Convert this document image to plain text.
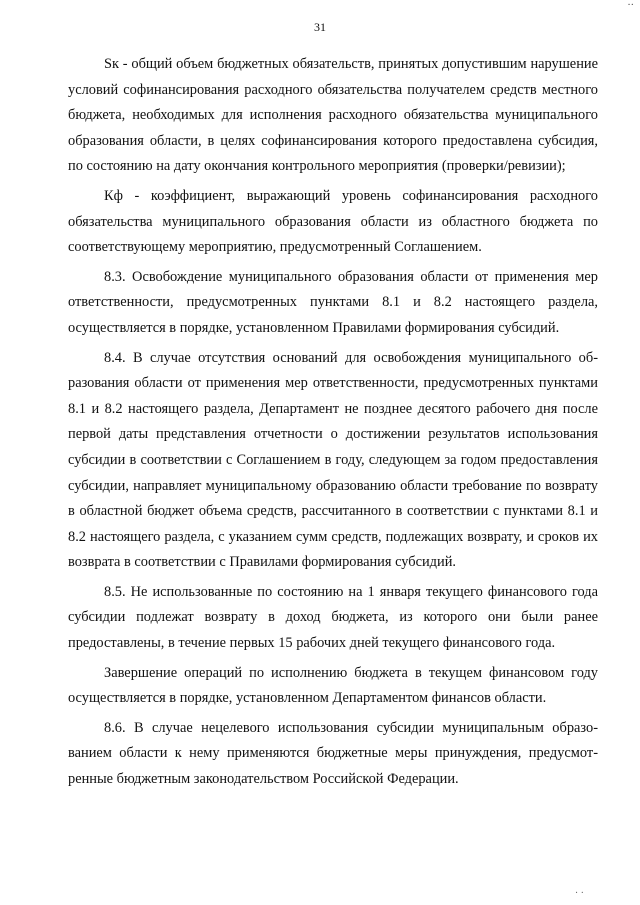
··
31

Sк - общий объем бюджетных обязательств, принятых допустившим нарушение условий софинансирования расходного обязательства получателем средств местного бюджета, необходимых для исполнения расходного обязательства муниципального образования области, в целях софинансирования которого предоставлена субсидия, по состоянию на дату окончания контрольного мероприятия (проверки/ревизии);

Кф - коэффициент, выражающий уровень софинансирования расходного обязательства муниципального образования области из областного бюджета по соответствующему мероприятию, предусмотренный Соглашением.

8.3. Освобождение муниципального образования области от применения мер ответственности, предусмотренных пунктами 8.1 и 8.2 настоящего раздела, осуществляется в порядке, установленном Правилами формирования субсидий.

8.4. В случае отсутствия оснований для освобождения муниципального образования области от применения мер ответственности, предусмотренных пунктами 8.1 и 8.2 настоящего раздела, Департамент не позднее десятого рабочего дня после первой даты представления отчетности о достижении результатов использования субсидии в соответствии с Соглашением в году, следующем за годом предоставления субсидии, направляет муниципальному образованию области требование по возврату в областной бюджет объема средств, рассчитанного в соответствии с пунктами 8.1 и 8.2 настоящего раздела, с указанием сумм средств, подлежащих возврату, и сроков их возврата в соответствии с Правилами формирования субсидий.

8.5. Не использованные по состоянию на 1 января текущего финансового года субсидии подлежат возврату в доход бюджета, из которого они были ранее предоставлены, в течение первых 15 рабочих дней текущего финансового года.

Завершение операций по исполнению бюджета в текущем финансовом году осуществляется в порядке, установленном Департаментом финансов области.

8.6. В случае нецелевого использования субсидии муниципальным образованием области к нему применяются бюджетные меры принуждения, предусмотренные бюджетным законодательством Российской Федерации.

· ·
